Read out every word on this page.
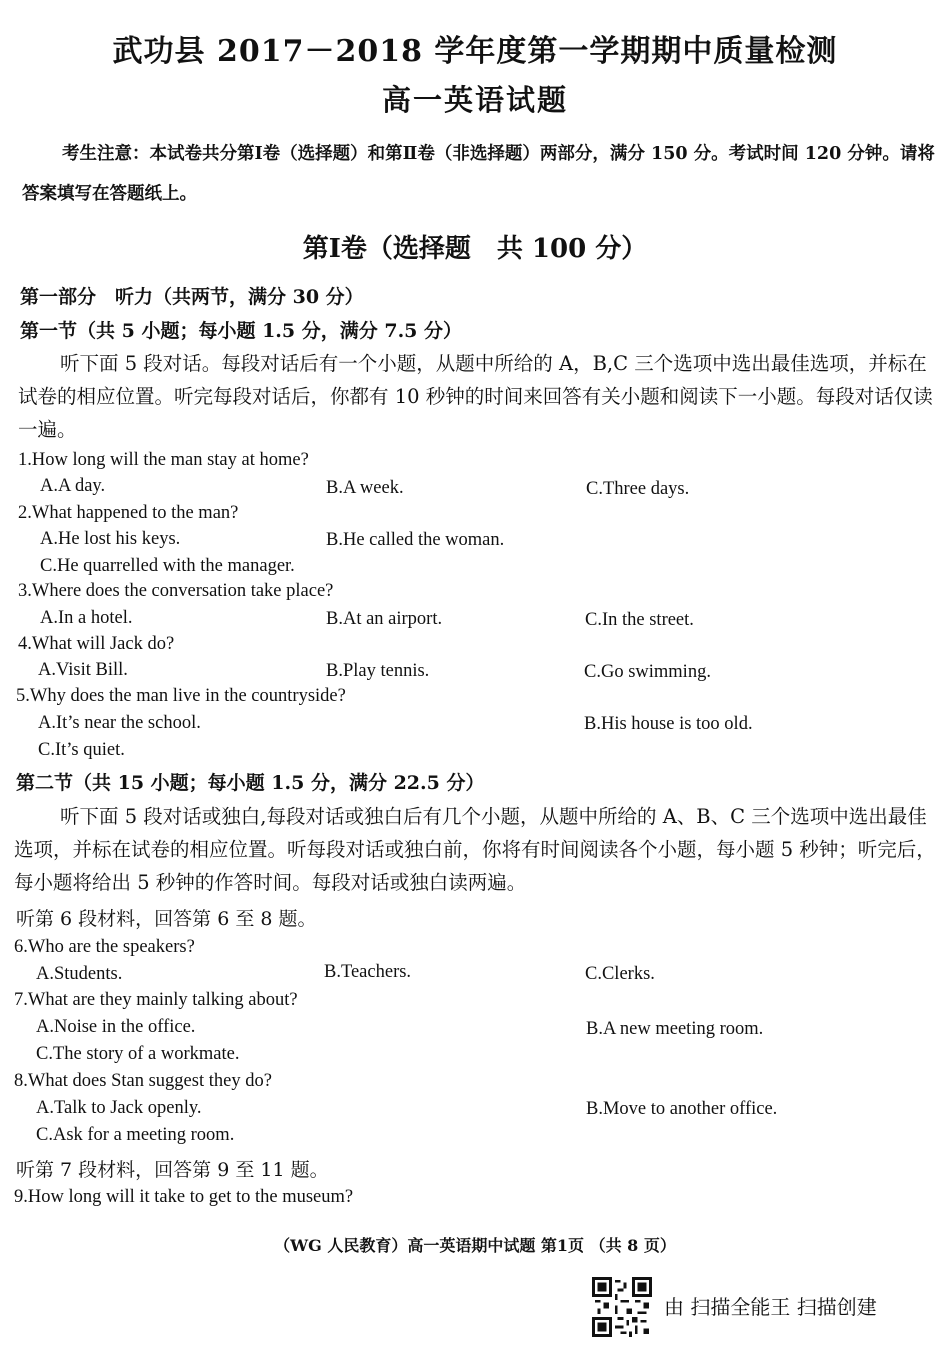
武功县 2017－2018 学年度第一学期期中质量检测
高一英语试题
考生注意：本试卷共分第Ⅰ卷（选择题）和第Ⅱ卷（非选择题）两部分，满分 150 分。考试时间 120 分钟。请将答案填写在答题纸上。
第Ⅰ卷（选择题　共 100 分）
第一部分　听力（共两节，满分 30 分）
第一节（共 5 小题；每小题 1.5 分，满分 7.5 分）
听下面 5 段对话。每段对话后有一个小题，从题中所给的 A，B,C 三个选项中选出最佳选项，并标在试卷的相应位置。听完每段对话后，你都有 10 秒钟的时间来回答有关小题和阅读下一小题。每段对话仅读一遍。
1.How long will the man stay at home?
A.A day.	B.A week.	C.Three days.
2.What happened to the man?
A.He lost his keys.	B.He called the woman.
C.He quarrelled with the manager.
3.Where does the conversation take place?
A.In a hotel.	B.At an airport.	C.In the street.
4.What will Jack do?
A.Visit Bill.	B.Play tennis.	C.Go swimming.
5.Why does the man live in the countryside?
A.It’s near the school.	B.His house is too old.
C.It’s quiet.
第二节（共 15 小题；每小题 1.5 分，满分 22.5 分）
听下面 5 段对话或独白,每段对话或独白后有几个小题，从题中所给的 A、B、C 三个选项中选出最佳选项，并标在试卷的相应位置。听每段对话或独白前，你将有时间阅读各个小题，每小题 5 秒钟；听完后，每小题将给出 5 秒钟的作答时间。每段对话或独白读两遍。
听第 6 段材料，回答第 6 至 8 题。
6.Who are the speakers?
A.Students.	B.Teachers.	C.Clerks.
7.What are they mainly talking about?
A.Noise in the office.	B.A new meeting room.
C.The story of a workmate.
8.What does Stan suggest they do?
A.Talk to Jack openly.	B.Move to another office.
C.Ask for a meeting room.
听第 7 段材料，回答第 9 至 11 题。
9.How long will it take to get to the museum?
（WG 人民教育）高一英语期中试题 第1页 （共 8 页）
由 扫描全能王 扫描创建
